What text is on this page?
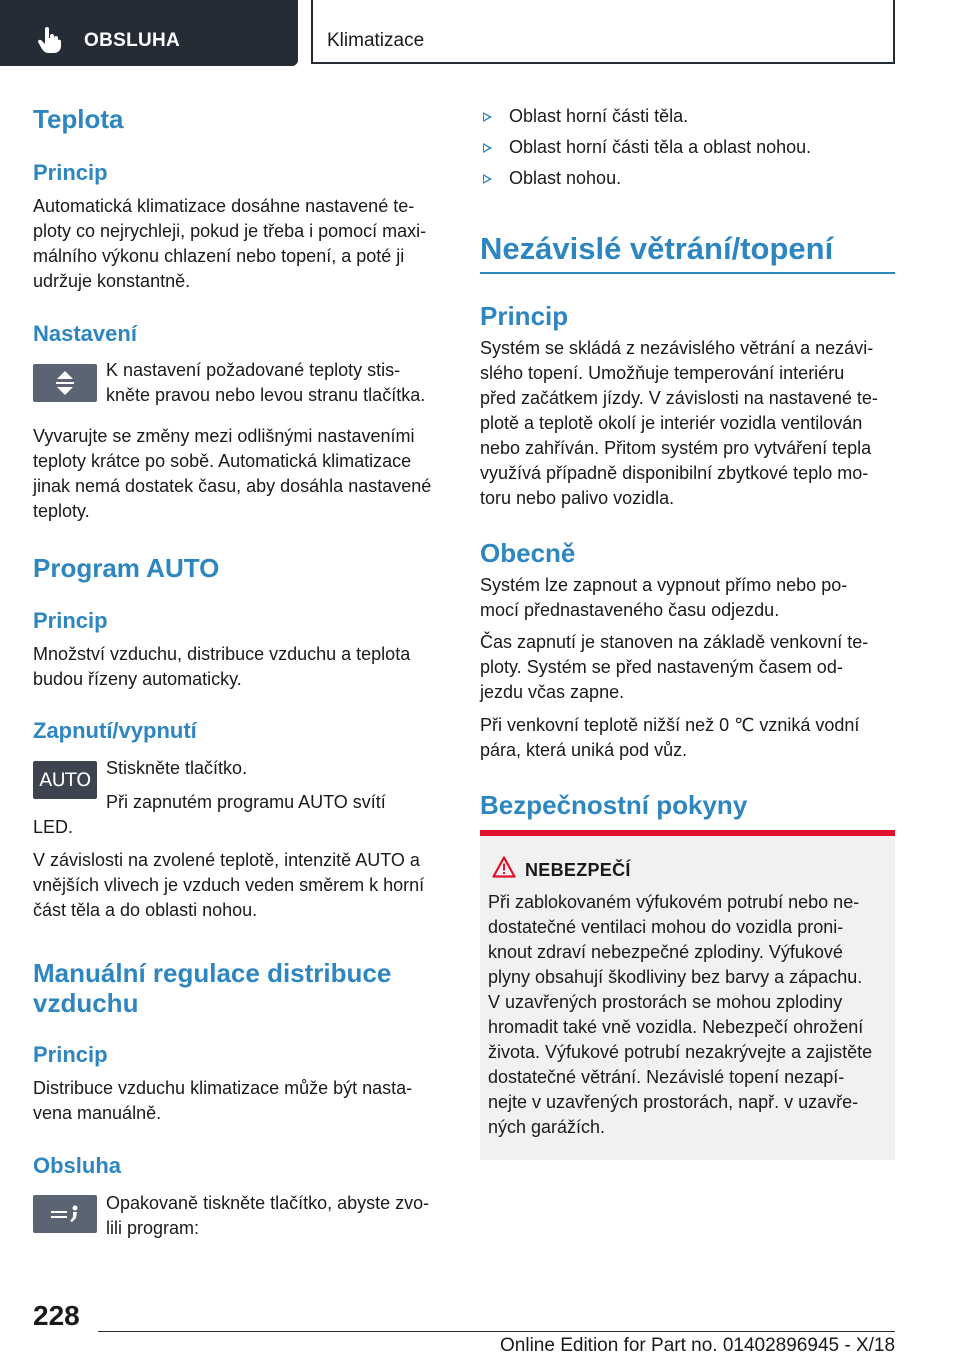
OBSLUHA	Klimatizace
Teplota
Princip
Automatická klimatizace dosáhne nastavené te-
ploty co nejrychleji, pokud je třeba i pomocí maxi-
málního výkonu chlazení nebo topení, a poté ji
udržuje konstantně.
Nastavení
K nastavení požadované teploty stis-
kněte pravou nebo levou stranu tlačítka.
Vyvarujte se změny mezi odlišnými nastaveními
teploty krátce po sobě. Automatická klimatizace
jinak nemá dostatek času, aby dosáhla nastavené
teploty.
Program AUTO
Princip
Množství vzduchu, distribuce vzduchu a teplota
budou řízeny automaticky.
Zapnutí/vypnutí
AUTO
Stiskněte tlačítko.
Při zapnutém programu AUTO svítí
LED.
V závislosti na zvolené teplotě, intenzitě AUTO a
vnějších vlivech je vzduch veden směrem k horní
část těla a do oblasti nohou.
Manuální regulace distribuce
vzduchu
Princip
Distribuce vzduchu klimatizace může být nasta-
vena manuálně.
Obsluha
Opakovaně tiskněte tlačítko, abyste zvo-
lili program:
Oblast horní části těla.
Oblast horní části těla a oblast nohou.
Oblast nohou.
Nezávislé větrání/topení
Princip
Systém se skládá z nezávislého větrání a nezávi-
slého topení. Umožňuje temperování interiéru
před začátkem jízdy. V závislosti na nastavené te-
plotě a teplotě okolí je interiér vozidla ventilován
nebo zahříván. Přitom systém pro vytváření tepla
využívá případně disponibilní zbytkové teplo mo-
toru nebo palivo vozidla.
Obecně
Systém lze zapnout a vypnout přímo nebo po-
mocí přednastaveného času odjezdu.
Čas zapnutí je stanoven na základě venkovní te-
ploty. Systém se před nastaveným časem od-
jezdu včas zapne.
Při venkovní teplotě nižší než 0 ℃ vzniká vodní
pára, která uniká pod vůz.
Bezpečnostní pokyny
NEBEZPEČÍ
Při zablokovaném výfukovém potrubí nebo ne-
dostatečné ventilaci mohou do vozidla proni-
knout zdraví nebezpečné zplodiny. Výfukové
plyny obsahují škodliviny bez barvy a zápachu.
V uzavřených prostorách se mohou zplodiny
hromadit také vně vozidla. Nebezpečí ohrožení
života. Výfukové potrubí nezakrývejte a zajistěte
dostatečné větrání. Nezávislé topení nezapí-
nejte v uzavřených prostorách, např. v uzavře-
ných garážích.
228
Online Edition for Part no. 01402896945 - X/18
